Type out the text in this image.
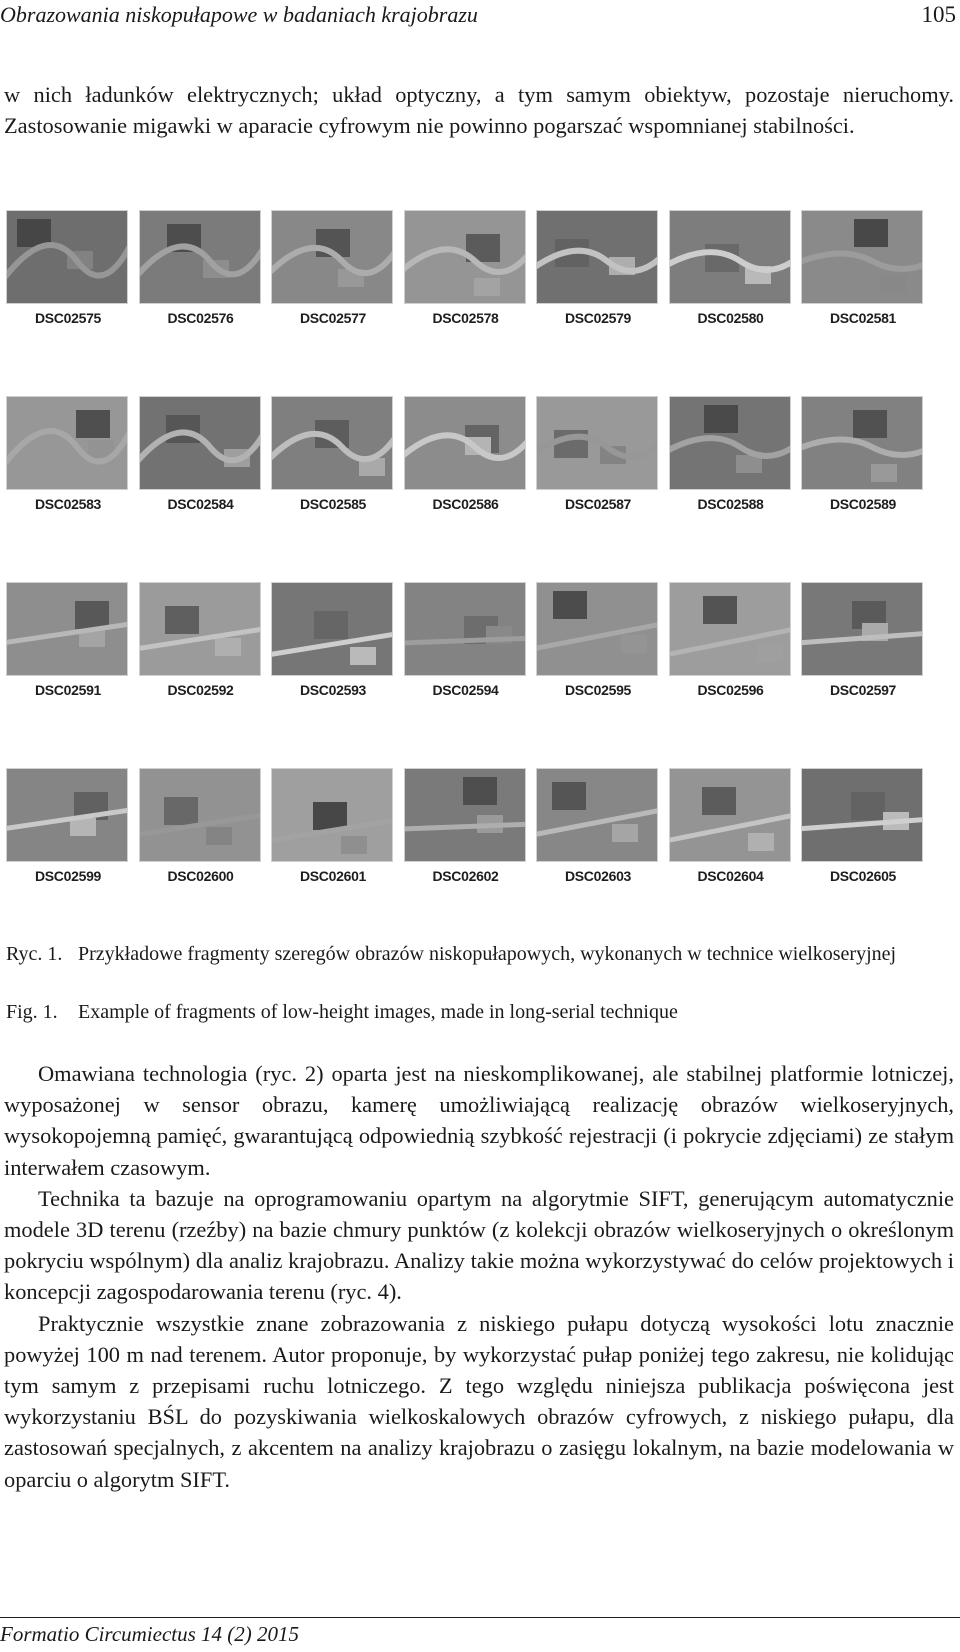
Obrazowania niskopułapowe w badaniach krajobrazu	105

w nich ładunków elektrycznych; układ optyczny, a tym samym obiektyw, pozostaje nieruchomy. Zastosowanie migawki w aparacie cyfrowym nie powinno pogarszać wspomnianej stabilności.

DSC02575	DSC02576	DSC02577	DSC02578	DSC02579	DSC02580	DSC02581
DSC02583	DSC02584	DSC02585	DSC02586	DSC02587	DSC02588	DSC02589
DSC02591	DSC02592	DSC02593	DSC02594	DSC02595	DSC02596	DSC02597
DSC02599	DSC02600	DSC02601	DSC02602	DSC02603	DSC02604	DSC02605
Ryc. 1. Przykładowe fragmenty szeregów obrazów niskopułapowych, wykonanych w technice wielkoseryjnej
Fig. 1. Example of fragments of low-height images, made in long-serial technique

Omawiana technologia (ryc. 2) oparta jest na nieskomplikowanej, ale stabilnej platformie lotniczej, wyposażonej w sensor obrazu, kamerę umożliwiającą realizację obrazów wielkoseryjnych, wysokopojemną pamięć, gwarantującą odpowiednią szybkość rejestracji (i pokrycie zdjęciami) ze stałym interwałem czasowym.

Technika ta bazuje na oprogramowaniu opartym na algorytmie SIFT, generującym automatycznie modele 3D terenu (rzeźby) na bazie chmury punktów (z kolekcji obrazów wielkoseryjnych o określonym pokryciu wspólnym) dla analiz krajobrazu. Analizy takie można wykorzystywać do celów projektowych i koncepcji zagospodarowania terenu (ryc. 4).

Praktycznie wszystkie znane zobrazowania z niskiego pułapu dotyczą wysokości lotu znacznie powyżej 100 m nad terenem. Autor proponuje, by wykorzystać pułap poniżej tego zakresu, nie kolidując tym samym z przepisami ruchu lotniczego. Z tego względu niniejsza publikacja poświęcona jest wykorzystaniu BŚL do pozyskiwania wielkoskalowych obrazów cyfrowych, z niskiego pułapu, dla zastosowań specjalnych, z akcentem na analizy krajobrazu o zasięgu lokalnym, na bazie modelowania w oparciu o algorytm SIFT.

Formatio Circumiectus 14 (2) 2015
